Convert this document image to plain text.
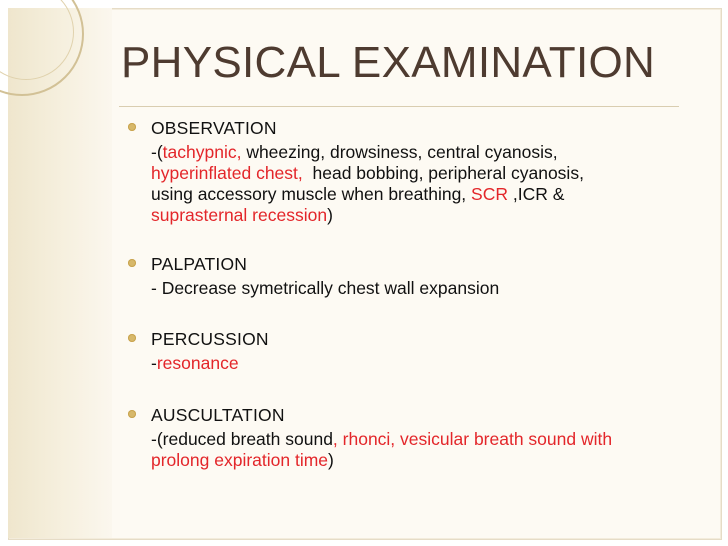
PHYSICAL EXAMINATION
OBSERVATION
-(tachypnic, wheezing, drowsiness, central cyanosis,
hyperinflated chest,  head bobbing, peripheral cyanosis,
using accessory muscle when breathing, SCR ,ICR &
suprasternal recession)
PALPATION
- Decrease symetrically chest wall expansion
PERCUSSION
-resonance
AUSCULTATION
-(reduced breath sound, rhonci, vesicular breath sound with
prolong expiration time)
